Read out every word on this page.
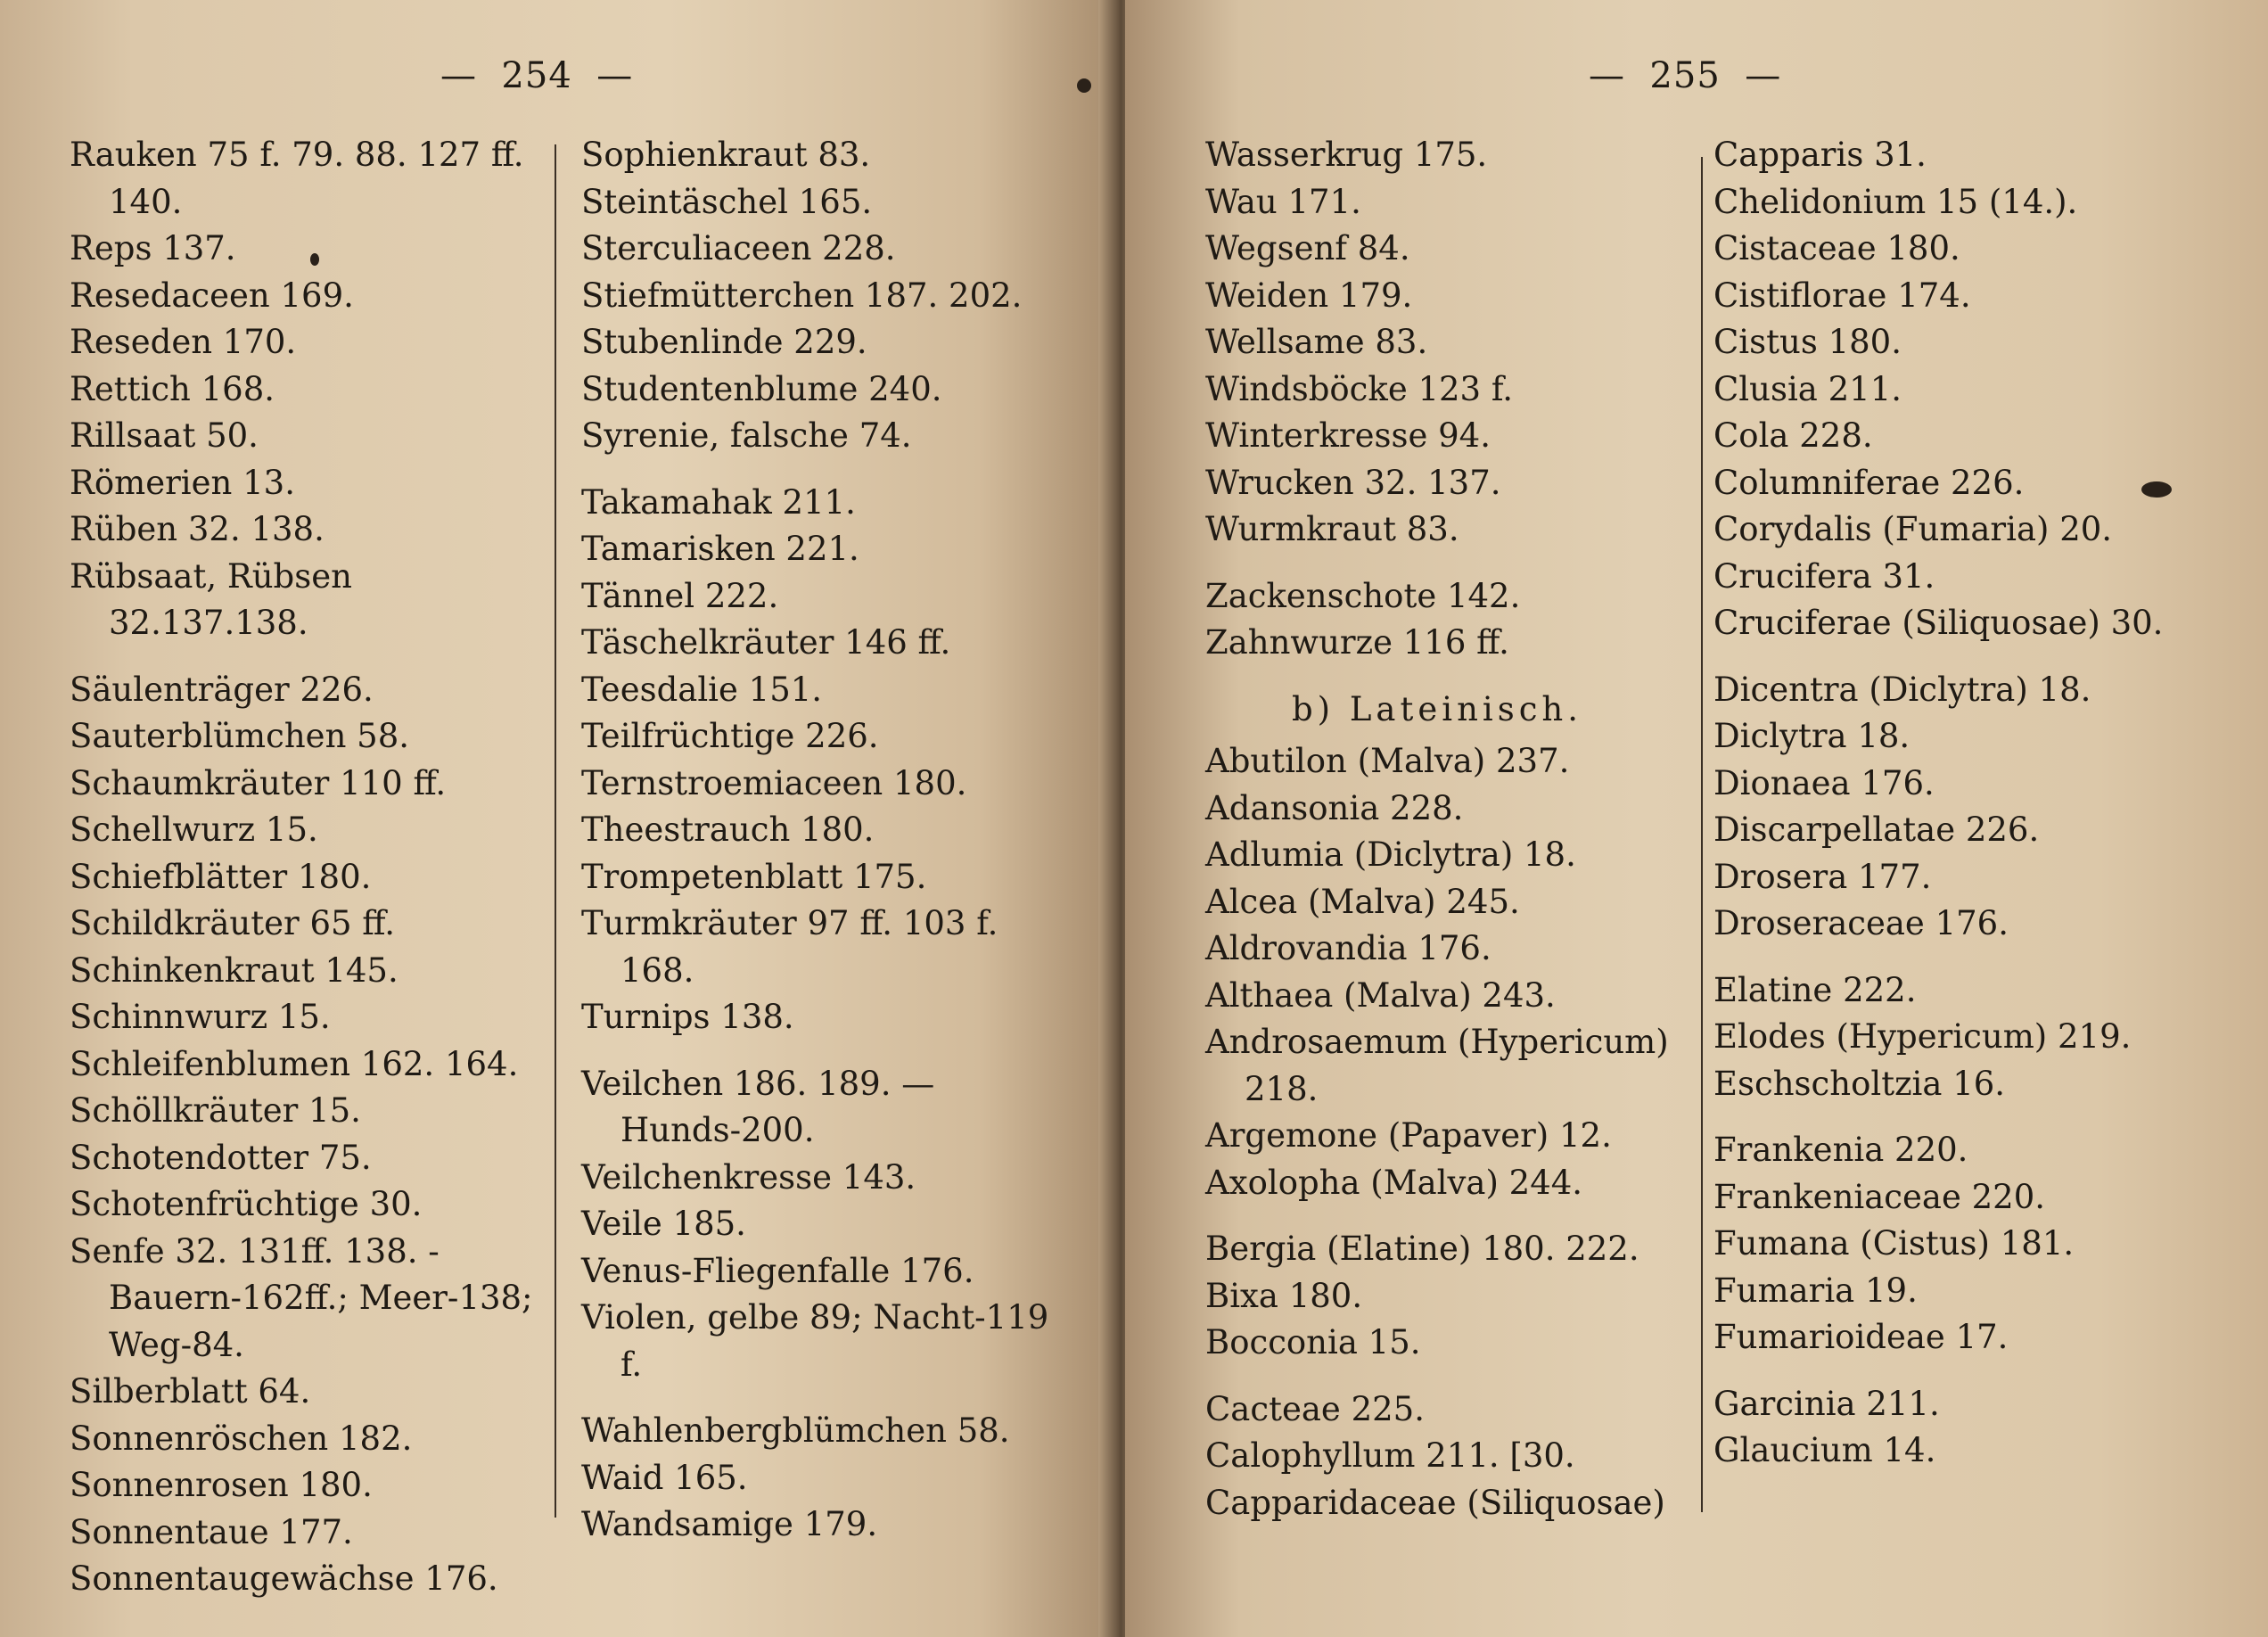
—  254  —
Rauken 75 f. 79. 88. 127 ff. 140.
Reps 137.
Resedaceen 169.
Reseden 170.
Rettich 168.
Rillsaat 50.
Römerien 13.
Rüben 32. 138.
Rübsaat, Rübsen 32.137.138.
Säulenträger 226.
Sauterblümchen 58.
Schaumkräuter 110 ff.
Schellwurz 15.
Schiefblätter 180.
Schildkräuter 65 ff.
Schinkenkraut 145.
Schinnwurz 15.
Schleifenblumen 162. 164.
Schöllkräuter 15.
Schotendotter 75.
Schotenfrüchtige 30.
Senfe 32. 131ff. 138. - Bauern-162ff.; Meer-138; Weg-84.
Silberblatt 64.
Sonnenröschen 182.
Sonnenrosen 180.
Sonnentaue 177.
Sonnentaugewächse 176.
Sophienkraut 83.
Steintäschel 165.
Sterculiaceen 228.
Stiefmütterchen 187. 202.
Stubenlinde 229.
Studentenblume 240.
Syrenie, falsche 74.
Takamahak 211.
Tamarisken 221.
Tännel 222.
Täschelkräuter 146 ff.
Teesdalie 151.
Teilfrüchtige 226.
Ternstroemiaceen 180.
Theestrauch 180.
Trompetenblatt 175.
Turmkräuter 97 ff. 103 f. 168.
Turnips 138.
Veilchen 186. 189. — Hunds-200.
Veilchenkresse 143.
Veile 185.
Venus-Fliegenfalle 176.
Violen, gelbe 89; Nacht-119 f.
Wahlenbergblümchen 58.
Waid 165.
Wandsamige 179.
—  255  —
Wasserkrug 175.
Wau 171.
Wegsenf 84.
Weiden 179.
Wellsame 83.
Windsböcke 123 f.
Winterkresse 94.
Wrucken 32. 137.
Wurmkraut 83.
Zackenschote 142.
Zahnwurze 116 ff.
b) Lateinisch.
Abutilon (Malva) 237.
Adansonia 228.
Adlumia (Diclytra) 18.
Alcea (Malva) 245.
Aldrovandia 176.
Althaea (Malva) 243.
Androsaemum (Hypericum) 218.
Argemone (Papaver) 12.
Axolopha (Malva) 244.
Bergia (Elatine) 180. 222.
Bixa 180.
Bocconia 15.
Cacteae 225.
Calophyllum 211. [30.
Capparidaceae (Siliquosae)
Capparis 31.
Chelidonium 15 (14.).
Cistaceae 180.
Cistiflorae 174.
Cistus 180.
Clusia 211.
Cola 228.
Columniferae 226.
Corydalis (Fumaria) 20.
Crucifera 31.
Cruciferae (Siliquosae) 30.
Dicentra (Diclytra) 18.
Diclytra 18.
Dionaea 176.
Discarpellatae 226.
Drosera 177.
Droseraceae 176.
Elatine 222.
Elodes (Hypericum) 219.
Eschscholtzia 16.
Frankenia 220.
Frankeniaceae 220.
Fumana (Cistus) 181.
Fumaria 19.
Fumarioideae 17.
Garcinia 211.
Glaucium 14.
